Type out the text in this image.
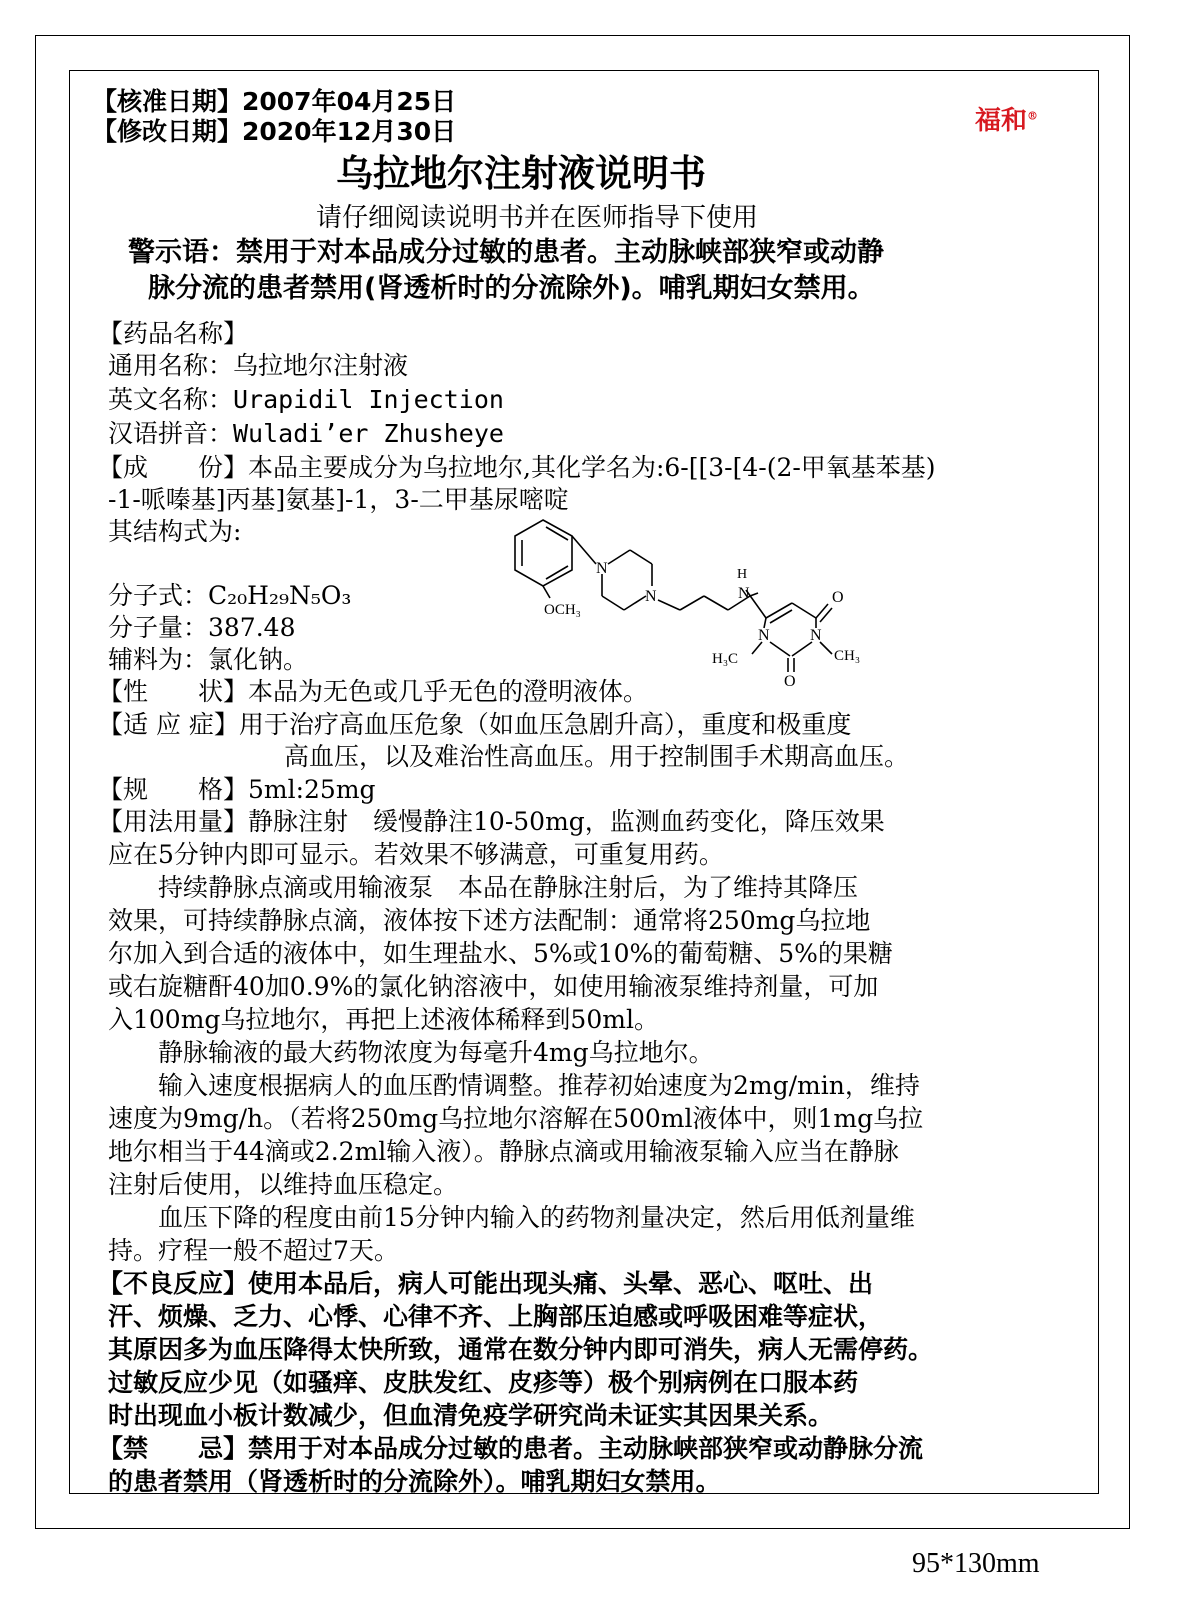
【核准日期】2007年04月25日
【修改日期】2020年12月30日	福和®
乌拉地尔注射液说明书
请仔细阅读说明书并在医师指导下使用
警示语：禁用于对本品成分过敏的患者。主动脉峡部狭窄或动静
脉分流的患者禁用(肾透析时的分流除外)。哺乳期妇女禁用。
【药品名称】
通用名称：乌拉地尔注射液
英文名称：Urapidil Injection
汉语拼音：Wuladi’er Zhusheye
【成　　份】本品主要成分为乌拉地尔,其化学名为:6-[[3-[4-(2-甲氧基苯基)
-1-哌嗪基]丙基]氨基]-1，3-二甲基尿嘧啶
其结构式为:
N
N
H
N
N	N
O
O
OCH₃
H₃C	CH₃
分子式：C₂₀H₂₉N₅O₃
分子量：387.48
辅料为：氯化钠。
【性　　状】本品为无色或几乎无色的澄明液体。
【适 应 症】用于治疗高血压危象（如血压急剧升高），重度和极重度
高血压，以及难治性高血压。用于控制围手术期高血压。
【规　　格】5ml:25mg
【用法用量】静脉注射　缓慢静注10-50mg，监测血药变化，降压效果
应在5分钟内即可显示。若效果不够满意，可重复用药。
　　持续静脉点滴或用输液泵　本品在静脉注射后，为了维持其降压
效果，可持续静脉点滴，液体按下述方法配制：通常将250mg乌拉地
尔加入到合适的液体中，如生理盐水、5%或10%的葡萄糖、5%的果糖
或右旋糖酐40加0.9%的氯化钠溶液中，如使用输液泵维持剂量，可加
入100mg乌拉地尔，再把上述液体稀释到50ml。
　　静脉输液的最大药物浓度为每毫升4mg乌拉地尔。
　　输入速度根据病人的血压酌情调整。推荐初始速度为2mg/min，维持
速度为9mg/h。（若将250mg乌拉地尔溶解在500ml液体中，则1mg乌拉
地尔相当于44滴或2.2ml输入液）。静脉点滴或用输液泵输入应当在静脉
注射后使用，以维持血压稳定。
　　血压下降的程度由前15分钟内输入的药物剂量决定，然后用低剂量维
持。疗程一般不超过7天。
【不良反应】使用本品后，病人可能出现头痛、头晕、恶心、呕吐、出
汗、烦燥、乏力、心悸、心律不齐、上胸部压迫感或呼吸困难等症状，
其原因多为血压降得太快所致，通常在数分钟内即可消失，病人无需停药。
过敏反应少见（如骚痒、皮肤发红、皮疹等）极个别病例在口服本药
时出现血小板计数减少，但血清免疫学研究尚未证实其因果关系。
【禁　　忌】禁用于对本品成分过敏的患者。主动脉峡部狭窄或动静脉分流
的患者禁用（肾透析时的分流除外）。哺乳期妇女禁用。
95*130mm
